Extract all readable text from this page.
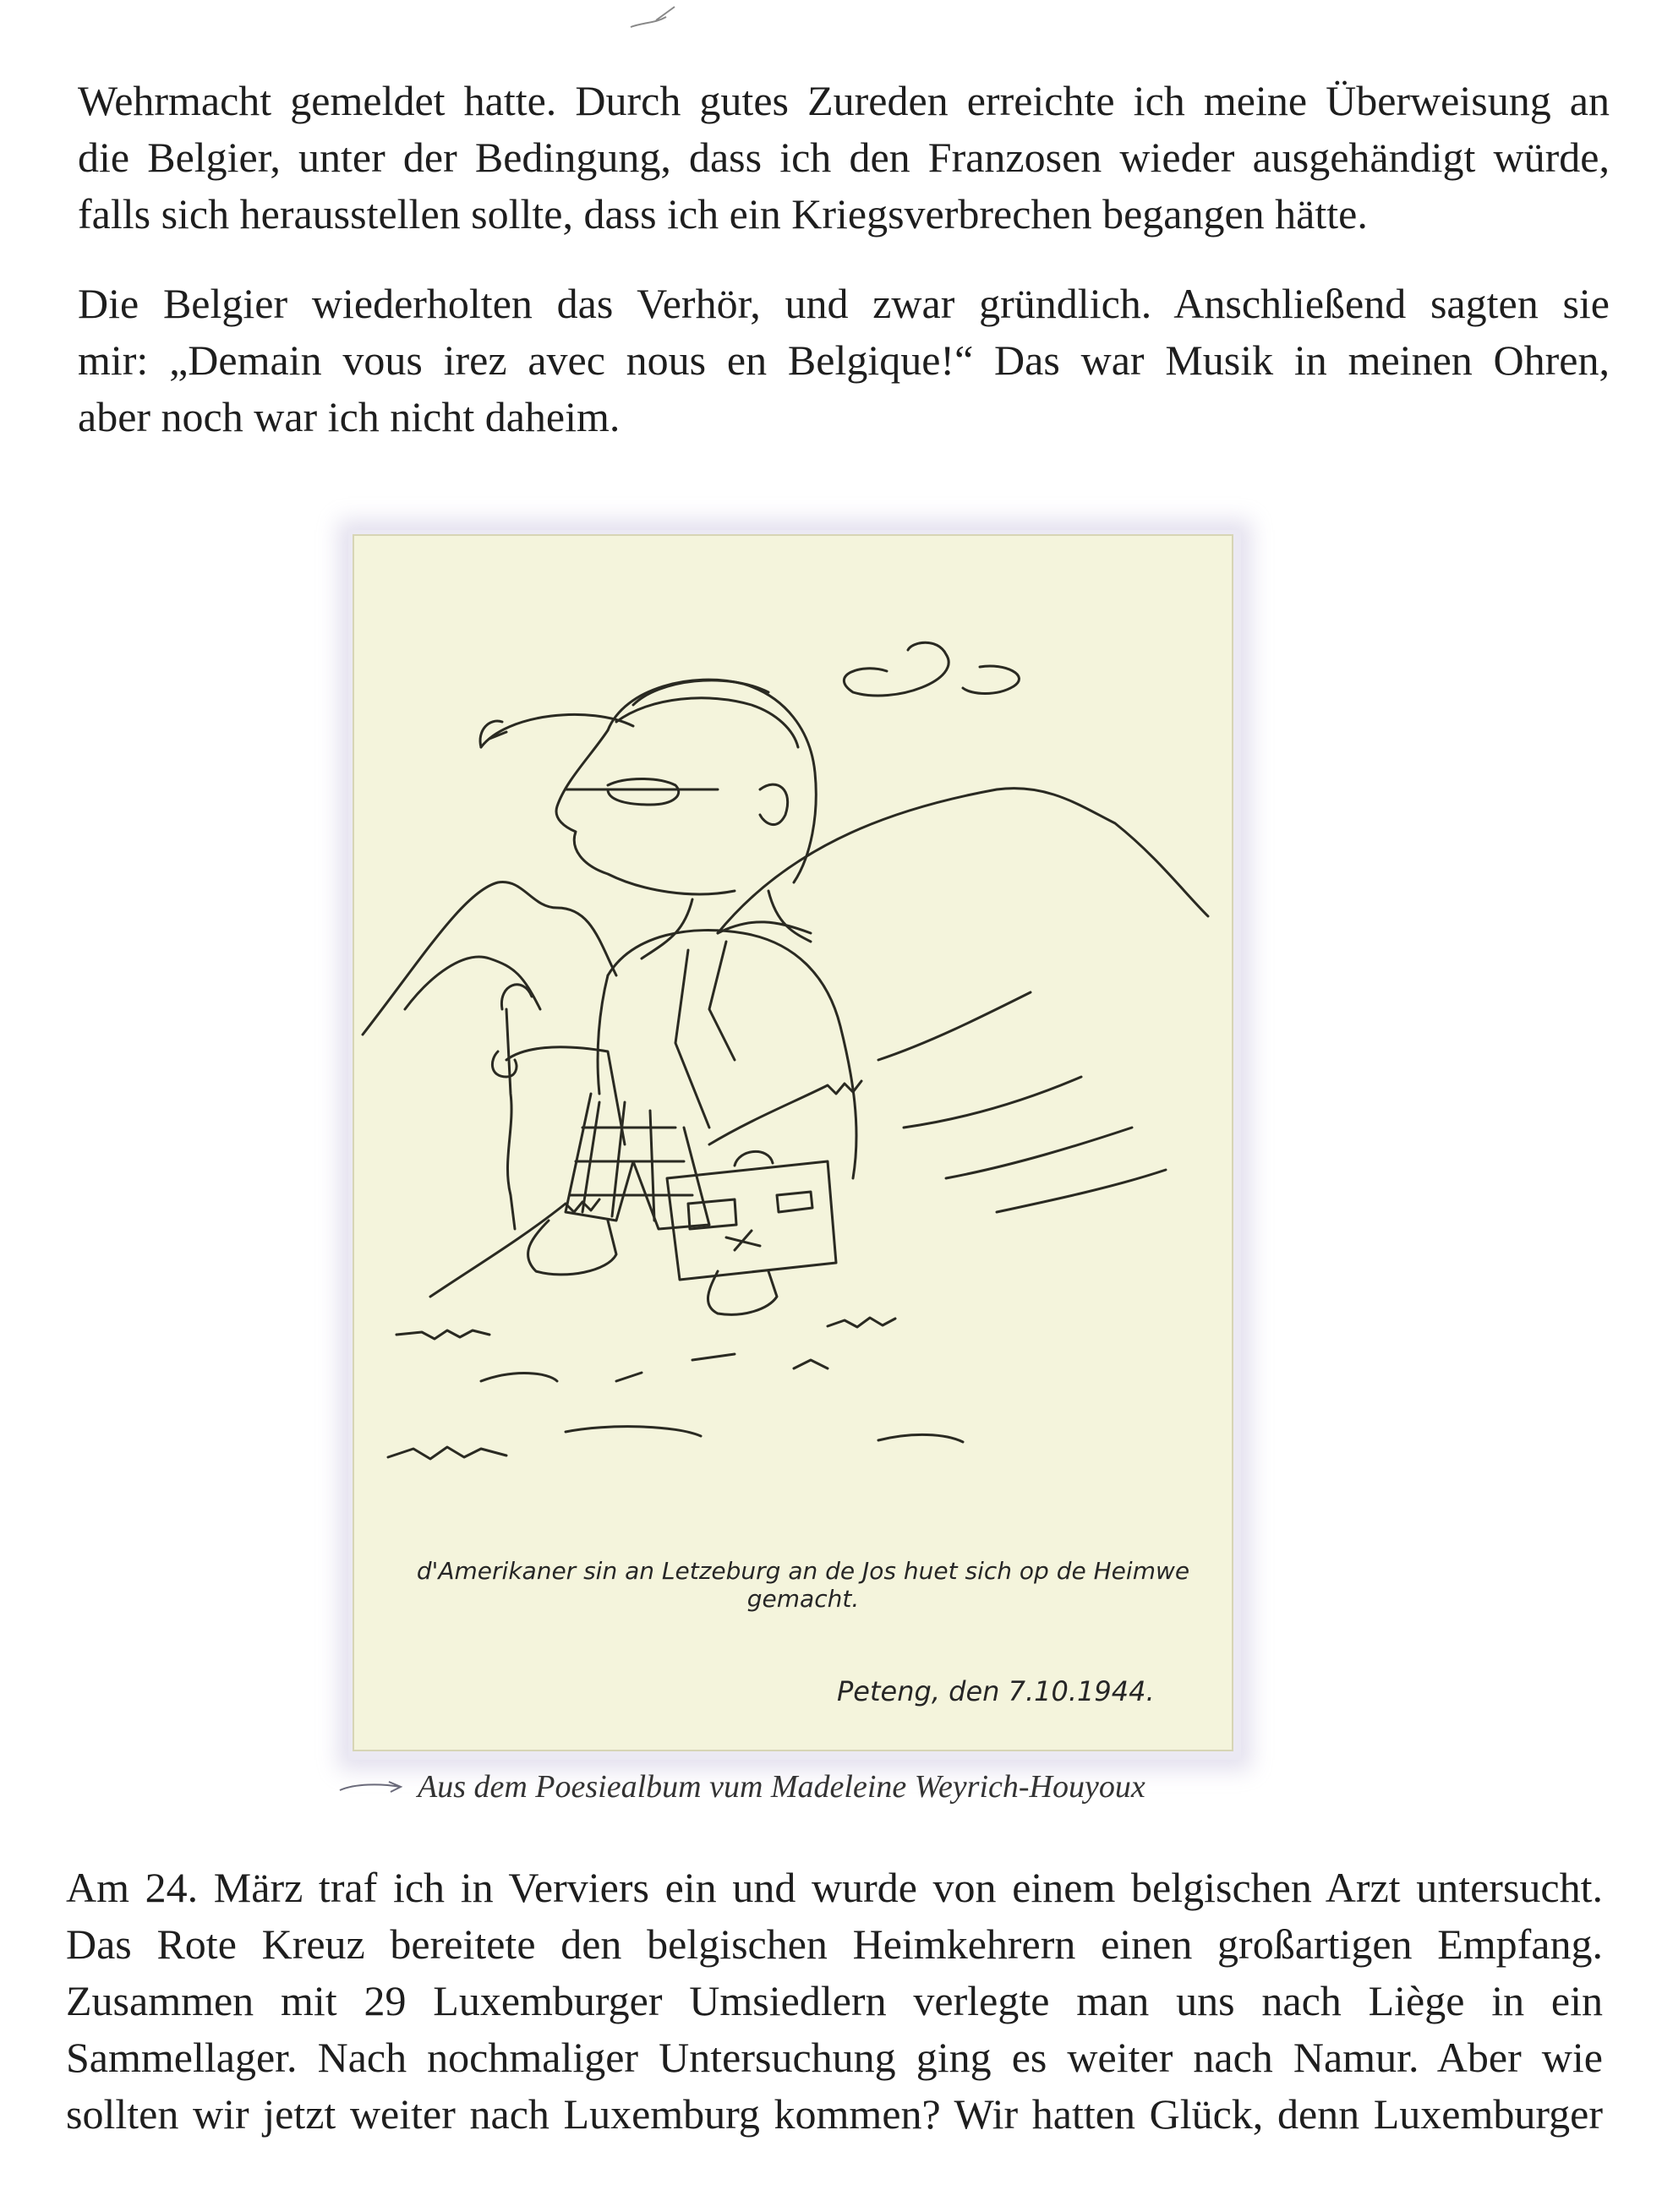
Wehrmacht gemeldet hatte. Durch gutes Zureden erreichte ich meine Überweisung an
die Belgier, unter der Bedingung, dass ich den Franzosen wieder ausgehändigt würde,
falls sich herausstellen sollte, dass ich ein Kriegsverbrechen begangen hätte.
Die Belgier wiederholten das Verhör, und zwar gründlich. Anschließend sagten sie
mir: „Demain vous irez avec nous en Belgique!“ Das war Musik in meinen Ohren,
aber noch war ich nicht daheim.
d'Amerikaner sin an Letzeburg an de Jos huet sich op de Heimwe gemacht.
Peteng, den 7.10.1944.
Aus dem Poesiealbum vum Madeleine Weyrich-Houyoux
Am 24. März traf ich in Verviers ein und wurde von einem belgischen Arzt untersucht.
Das Rote Kreuz bereitete den belgischen Heimkehrern einen großartigen Empfang.
Zusammen mit 29 Luxemburger Umsiedlern verlegte man uns nach Liège in ein
Sammellager. Nach nochmaliger Untersuchung ging es weiter nach Namur. Aber wie
sollten wir jetzt weiter nach Luxemburg kommen? Wir hatten Glück, denn Luxemburger
